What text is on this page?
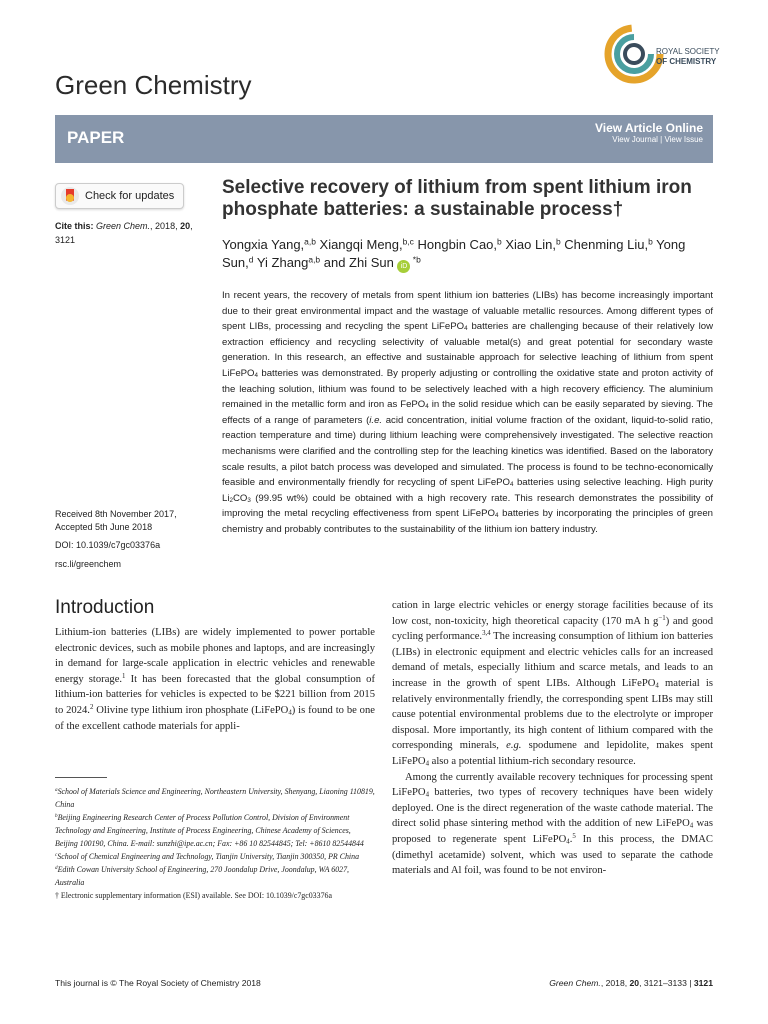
Green Chemistry
ROYAL SOCIETY
OF CHEMISTRY
PAPER	View Article Online
View Journal | View Issue
Check for updates
Cite this: Green Chem., 2018, 20, 3121
Received 8th November 2017,
Accepted 5th June 2018
DOI: 10.1039/c7gc03376a
rsc.li/greenchem
Selective recovery of lithium from spent lithium iron phosphate batteries: a sustainable process†
Yongxia Yang,$^{a,b}$ Xiangqi Meng,$^{b,c}$ Hongbin Cao,$^b$ Xiao Lin,$^b$ Chenming Liu,$^b$ Yong Sun,$^d$ Yi Zhang$^{a,b}$ and Zhi Sun iD $^{*b}$
In recent years, the recovery of metals from spent lithium ion batteries (LIBs) has become increasingly important due to their great environmental impact and the wastage of valuable metallic resources. Among different types of spent LIBs, processing and recycling the spent LiFePO$_4$ batteries are challenging because of their relatively low extraction efficiency and recycling selectivity of valuable metal(s) and great potential for secondary waste generation. In this research, an effective and sustainable approach for selective leaching of lithium from spent LiFePO$_4$ batteries was demonstrated. By properly adjusting or controlling the oxidative state and proton activity of the leaching solution, lithium was found to be selectively leached with a high recovery efficiency. The aluminium remained in the metallic form and iron as FePO$_4$ in the solid residue which can be easily separated by sieving. The effects of a range of parameters (i.e. acid concentration, initial volume fraction of the oxidant, liquid-to-solid ratio, reaction temperature and time) during lithium leaching were comprehensively investigated. The selective reaction mechanisms were clarified and the controlling step for the leaching kinetics was identified. Based on the laboratory scale results, a pilot batch process was developed and simulated. The process is found to be techno-economically feasible and environmentally friendly for recycling of spent LiFePO$_4$ batteries using selective leaching. High purity $Li_2CO_3$ (99.95 wt%) could be obtained with a high recovery rate. This research demonstrates the possibility of improving the metal recycling effectiveness from spent LiFePO$_4$ batteries by incorporating the principles of green chemistry and probably contributes to the sustainability of the lithium ion battery industry.
Introduction
Lithium-ion batteries (LIBs) are widely implemented to power portable electronic devices, such as mobile phones and laptops, and are increasingly in demand for large-scale application in electric vehicles and renewable energy storage.$^1$ It has been forecasted that the global consumption of lithium-ion batteries for vehicles is expected to be $221 billion from 2015 to 2024.$^2$ Olivine type lithium iron phosphate (LiFePO$_4$) is found to be one of the excellent cathode materials for appli-

cation in large electric vehicles or energy storage facilities because of its low cost, non-toxicity, high theoretical capacity (170 mA h $g^{-1}$) and good cycling performance.$^{3,4}$ The increasing consumption of lithium ion batteries (LIBs) in electronic equipment and electric vehicles calls for an increased demand of metals, especially lithium and scarce metals, and leads to an increase in the growth of spent LIBs. Although LiFePO$_4$ material is relatively environmentally friendly, the corresponding spent LIBs may still cause potential environmental problems due to the electrolyte or improper disposal. More importantly, its high content of lithium compared with the corresponding minerals, e.g. spodumene and lepidolite, makes spent LiFePO$_4$ also a potential lithium-rich secondary resource.

Among the currently available recovery techniques for processing spent LiFePO$_4$ batteries, two types of recovery techniques have been widely deployed. One is the direct regeneration of the waste cathode material. The direct solid phase sintering method with the addition of new LiFePO$_4$ was proposed to regenerate spent LiFePO$_4$.$^5$ In this process, the DMAC (dimethyl acetamide) solvent, which was used to separate the cathode materials and Al foil, was found to be not environ-

$^a$School of Materials Science and Engineering, Northeastern University, Shenyang, Liaoning 110819, China
$^b$Beijing Engineering Research Center of Process Pollution Control, Division of Environment Technology and Engineering, Institute of Process Engineering, Chinese Academy of Sciences, Beijing 100190, China. E-mail: sunzhi@ipe.ac.cn; Fax: +86 10 82544845; Tel: +8610 82544844
$^c$School of Chemical Engineering and Technology, Tianjin University, Tianjin 300350, PR China
$^d$Edith Cowan University School of Engineering, 270 Joondalup Drive, Joondalup, WA 6027, Australia
† Electronic supplementary information (ESI) available. See DOI: 10.1039/c7gc03376a
This journal is © The Royal Society of Chemistry 2018	Green Chem., 2018, 20, 3121–3133 | 3121
